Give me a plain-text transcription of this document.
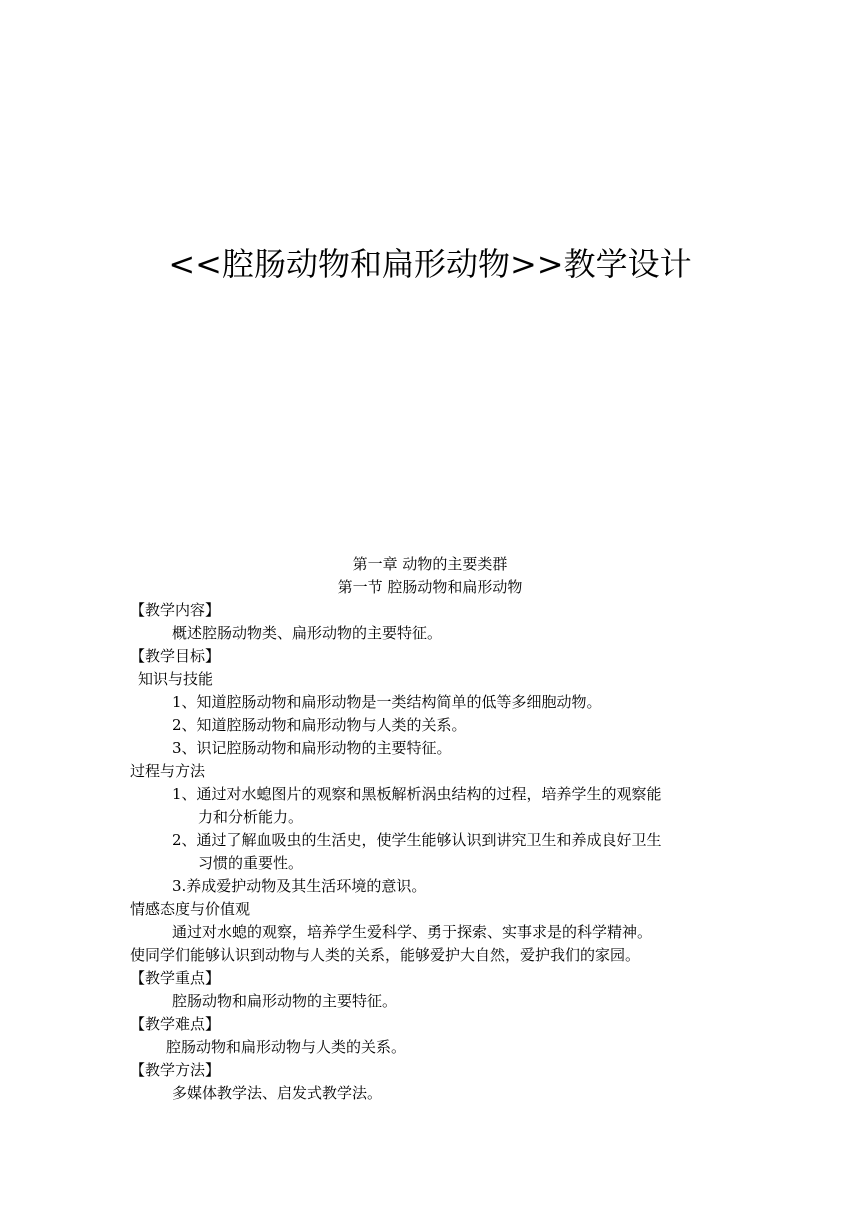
<<腔肠动物和扁形动物>>教学设计
第一章 动物的主要类群
第一节 腔肠动物和扁形动物
【教学内容】
概述腔肠动物类、扁形动物的主要特征。
【教学目标】
知识与技能
1、知道腔肠动物和扁形动物是一类结构简单的低等多细胞动物。
2、知道腔肠动物和扁形动物与人类的关系。
3、识记腔肠动物和扁形动物的主要特征。
过程与方法
1、通过对水螅图片的观察和黑板解析涡虫结构的过程，培养学生的观察能
力和分析能力。
2、通过了解血吸虫的生活史，使学生能够认识到讲究卫生和养成良好卫生
习惯的重要性。
3.养成爱护动物及其生活环境的意识。
情感态度与价值观
通过对水螅的观察，培养学生爱科学、勇于探索、实事求是的科学精神。
使同学们能够认识到动物与人类的关系，能够爱护大自然，爱护我们的家园。
【教学重点】
腔肠动物和扁形动物的主要特征。
【教学难点】
腔肠动物和扁形动物与人类的关系。
【教学方法】
多媒体教学法、启发式教学法。
